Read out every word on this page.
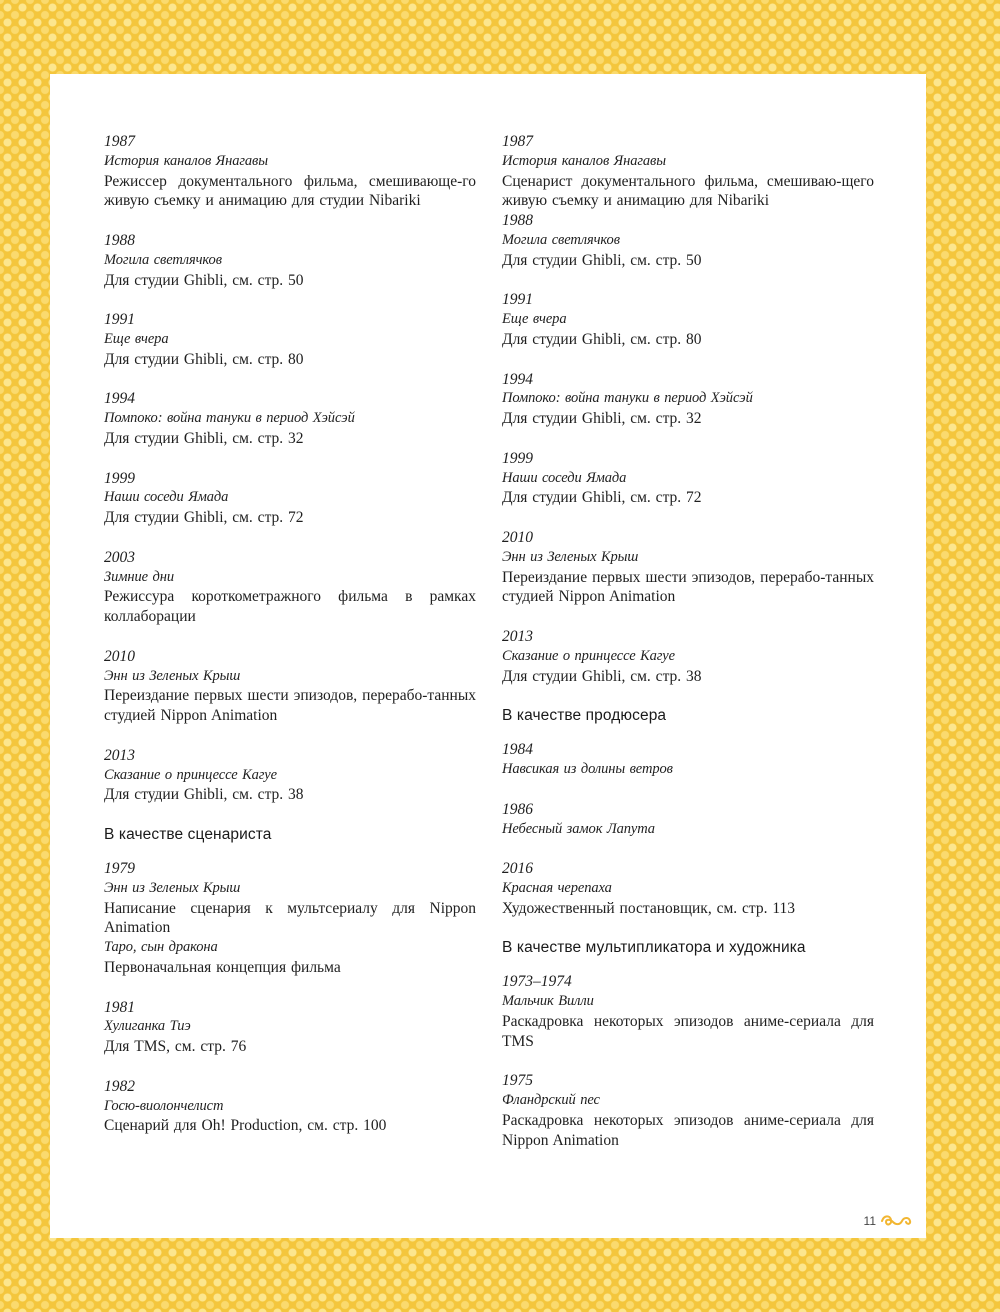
1987
История каналов Янагавы
Режиссер документального фильма, смешивающе-го живую съемку и анимацию для студии Nibariki
1988
Могила светлячков
Для студии Ghibli, см. стр. 50
1991
Еще вчера
Для студии Ghibli, см. стр. 80
1994
Помпоко: война тануки в период Хэйсэй
Для студии Ghibli, см. стр. 32
1999
Наши соседи Ямада
Для студии Ghibli, см. стр. 72
2003
Зимние дни
Режиссура короткометражного фильма в рамках коллаборации
2010
Энн из Зеленых Крыш
Переиздание первых шести эпизодов, перерабо-танных студией Nippon Animation
2013
Сказание о принцессе Кагуе
Для студии Ghibli, см. стр. 38
В качестве сценариста
1979
Энн из Зеленых Крыш
Написание сценария к мультсериалу для Nippon Animation
Таро, сын дракона
Первоначальная концепция фильма
1981
Хулиганка Тиэ
Для TMS, см. стр. 76
1982
Госю-виолончелист
Сценарий для Oh! Production, см. стр. 100
1987
История каналов Янагавы
Сценарист документального фильма, смешиваю-щего живую съемку и анимацию для Nibariki
1988
Могила светлячков
Для студии Ghibli, см. стр. 50
1991
Еще вчера
Для студии Ghibli, см. стр. 80
1994
Помпоко: война тануки в период Хэйсэй
Для студии Ghibli, см. стр. 32
1999
Наши соседи Ямада
Для студии Ghibli, см. стр. 72
2010
Энн из Зеленых Крыш
Переиздание первых шести эпизодов, перерабо-танных студией Nippon Animation
2013
Сказание о принцессе Кагуе
Для студии Ghibli, см. стр. 38
В качестве продюсера
1984
Навсикая из долины ветров
1986
Небесный замок Лапута
2016
Красная черепаха
Художественный постановщик, см. стр. 113
В качестве мультипликатора и художника
1973–1974
Мальчик Вилли
Раскадровка некоторых эпизодов аниме-сериала для TMS
1975
Фландрский пес
Раскадровка некоторых эпизодов аниме-сериала для Nippon Animation
11
